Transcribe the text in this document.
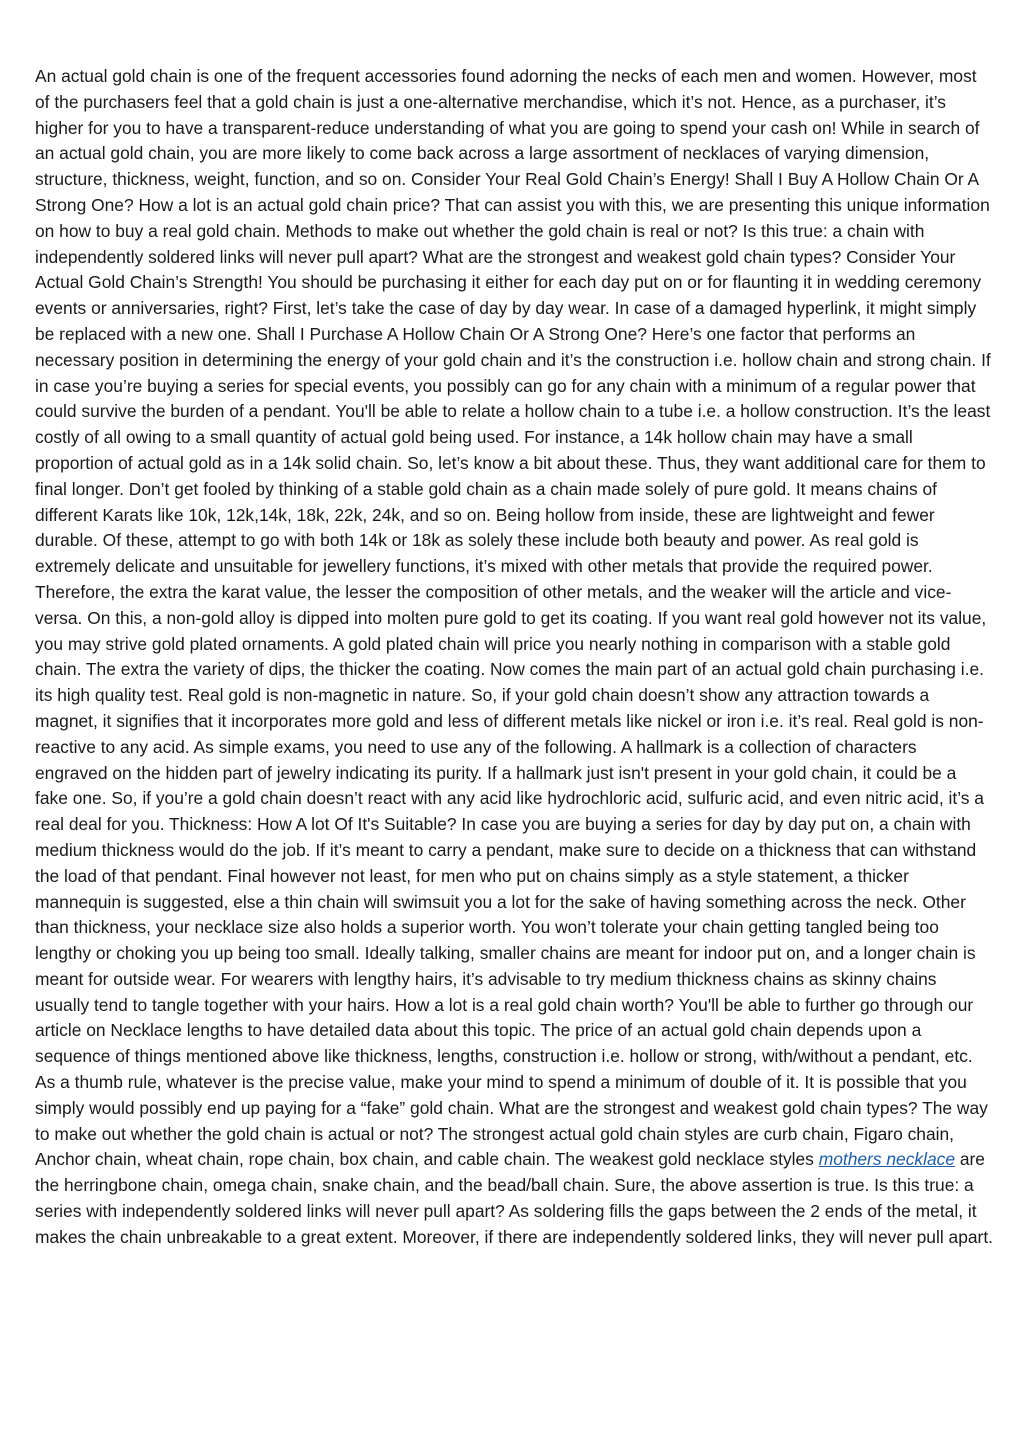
An actual gold chain is one of the frequent accessories found adorning the necks of each men and women. However, most of the purchasers feel that a gold chain is just a one-alternative merchandise, which it’s not. Hence, as a purchaser, it’s higher for you to have a transparent-reduce understanding of what you are going to spend your cash on! While in search of an actual gold chain, you are more likely to come back across a large assortment of necklaces of varying dimension, structure, thickness, weight, function, and so on. Consider Your Real Gold Chain’s Energy! Shall I Buy A Hollow Chain Or A Strong One? How a lot is an actual gold chain price? That can assist you with this, we are presenting this unique information on how to buy a real gold chain. Methods to make out whether the gold chain is real or not? Is this true: a chain with independently soldered links will never pull apart? What are the strongest and weakest gold chain types? Consider Your Actual Gold Chain’s Strength! You should be purchasing it either for each day put on or for flaunting it in wedding ceremony events or anniversaries, right? First, let’s take the case of day by day wear. In case of a damaged hyperlink, it might simply be replaced with a new one. Shall I Purchase A Hollow Chain Or A Strong One? Here’s one factor that performs an necessary position in determining the energy of your gold chain and it’s the construction i.e. hollow chain and strong chain. If in case you’re buying a series for special events, you possibly can go for any chain with a minimum of a regular power that could survive the burden of a pendant. You'll be able to relate a hollow chain to a tube i.e. a hollow construction. It’s the least costly of all owing to a small quantity of actual gold being used. For instance, a 14k hollow chain may have a small proportion of actual gold as in a 14k solid chain. So, let’s know a bit about these. Thus, they want additional care for them to final longer. Don’t get fooled by thinking of a stable gold chain as a chain made solely of pure gold. It means chains of different Karats like 10k, 12k,14k, 18k, 22k, 24k, and so on. Being hollow from inside, these are lightweight and fewer durable. Of these, attempt to go with both 14k or 18k as solely these include both beauty and power. As real gold is extremely delicate and unsuitable for jewellery functions, it’s mixed with other metals that provide the required power. Therefore, the extra the karat value, the lesser the composition of other metals, and the weaker will the article and vice-versa. On this, a non-gold alloy is dipped into molten pure gold to get its coating. If you want real gold however not its value, you may strive gold plated ornaments. A gold plated chain will price you nearly nothing in comparison with a stable gold chain. The extra the variety of dips, the thicker the coating. Now comes the main part of an actual gold chain purchasing i.e. its high quality test. Real gold is non-magnetic in nature. So, if your gold chain doesn’t show any attraction towards a magnet, it signifies that it incorporates more gold and less of different metals like nickel or iron i.e. it’s real. Real gold is non-reactive to any acid. As simple exams, you need to use any of the following. A hallmark is a collection of characters engraved on the hidden part of jewelry indicating its purity. If a hallmark just isn't present in your gold chain, it could be a fake one. So, if you’re a gold chain doesn’t react with any acid like hydrochloric acid, sulfuric acid, and even nitric acid, it’s a real deal for you. Thickness: How A lot Of It's Suitable? In case you are buying a series for day by day put on, a chain with medium thickness would do the job. If it’s meant to carry a pendant, make sure to decide on a thickness that can withstand the load of that pendant. Final however not least, for men who put on chains simply as a style statement, a thicker mannequin is suggested, else a thin chain will swimsuit you a lot for the sake of having something across the neck. Other than thickness, your necklace size also holds a superior worth. You won’t tolerate your chain getting tangled being too lengthy or choking you up being too small. Ideally talking, smaller chains are meant for indoor put on, and a longer chain is meant for outside wear. For wearers with lengthy hairs, it’s advisable to try medium thickness chains as skinny chains usually tend to tangle together with your hairs. How a lot is a real gold chain worth? You'll be able to further go through our article on Necklace lengths to have detailed data about this topic. The price of an actual gold chain depends upon a sequence of things mentioned above like thickness, lengths, construction i.e. hollow or strong, with/without a pendant, etc. As a thumb rule, whatever is the precise value, make your mind to spend a minimum of double of it. It is possible that you simply would possibly end up paying for a “fake” gold chain. What are the strongest and weakest gold chain types? The way to make out whether the gold chain is actual or not? The strongest actual gold chain styles are curb chain, Figaro chain, Anchor chain, wheat chain, rope chain, box chain, and cable chain. The weakest gold necklace styles mothers necklace are the herringbone chain, omega chain, snake chain, and the bead/ball chain. Sure, the above assertion is true. Is this true: a series with independently soldered links will never pull apart? As soldering fills the gaps between the 2 ends of the metal, it makes the chain unbreakable to a great extent. Moreover, if there are independently soldered links, they will never pull apart.
